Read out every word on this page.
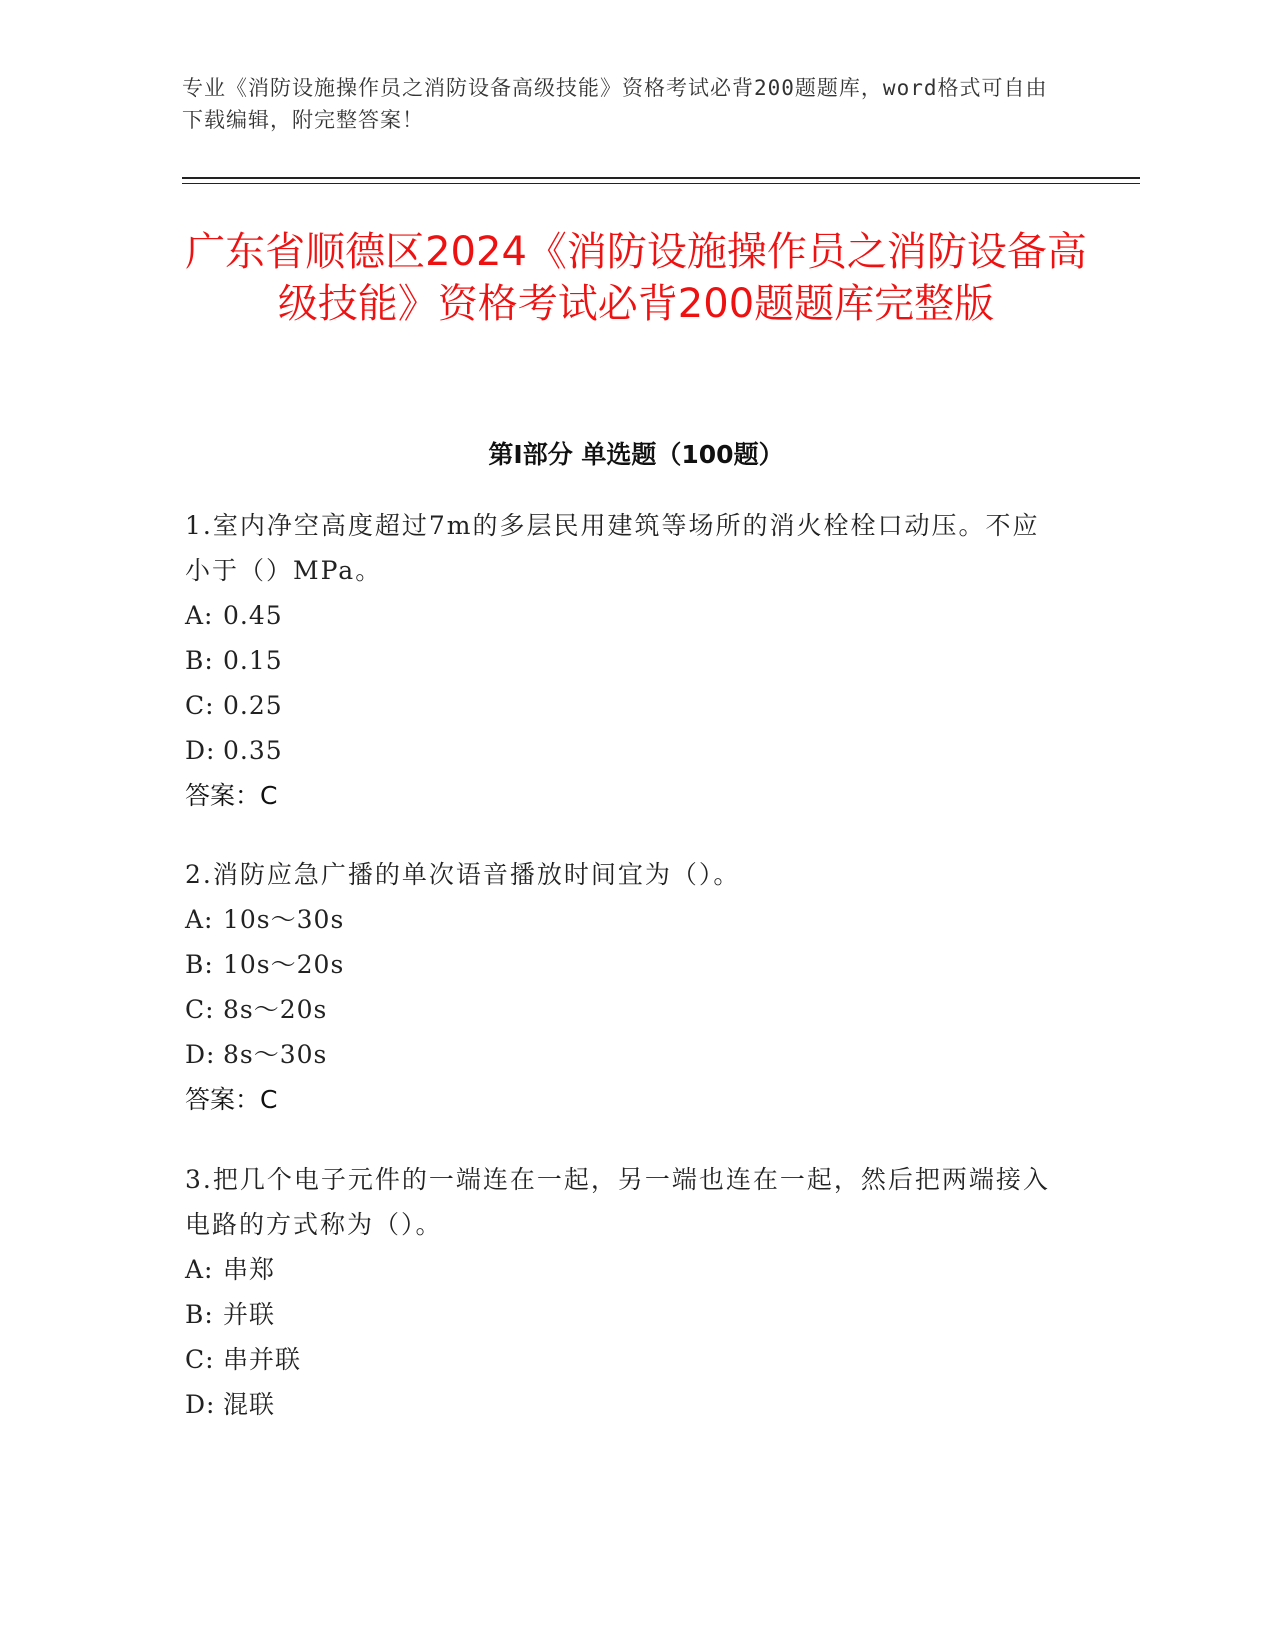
专业《消防设施操作员之消防设备高级技能》资格考试必背200题题库，word格式可自由下载编辑，附完整答案！
广东省顺德区2024《消防设施操作员之消防设备高级技能》资格考试必背200题题库完整版
第Ⅰ部分 单选题（100题）

1.室内净空高度超过7m的多层民用建筑等场所的消火栓栓口动压。不应小于（）MPa。

A: 0.45
B: 0.15
C: 0.25
D: 0.35
答案：C

2.消防应急广播的单次语音播放时间宜为（）。

A: 10s～30s
B: 10s～20s
C: 8s～20s
D: 8s～30s
答案：C

3.把几个电子元件的一端连在一起，另一端也连在一起，然后把两端接入电路的方式称为（）。

A: 串郑
B: 并联
C: 串并联
D: 混联
